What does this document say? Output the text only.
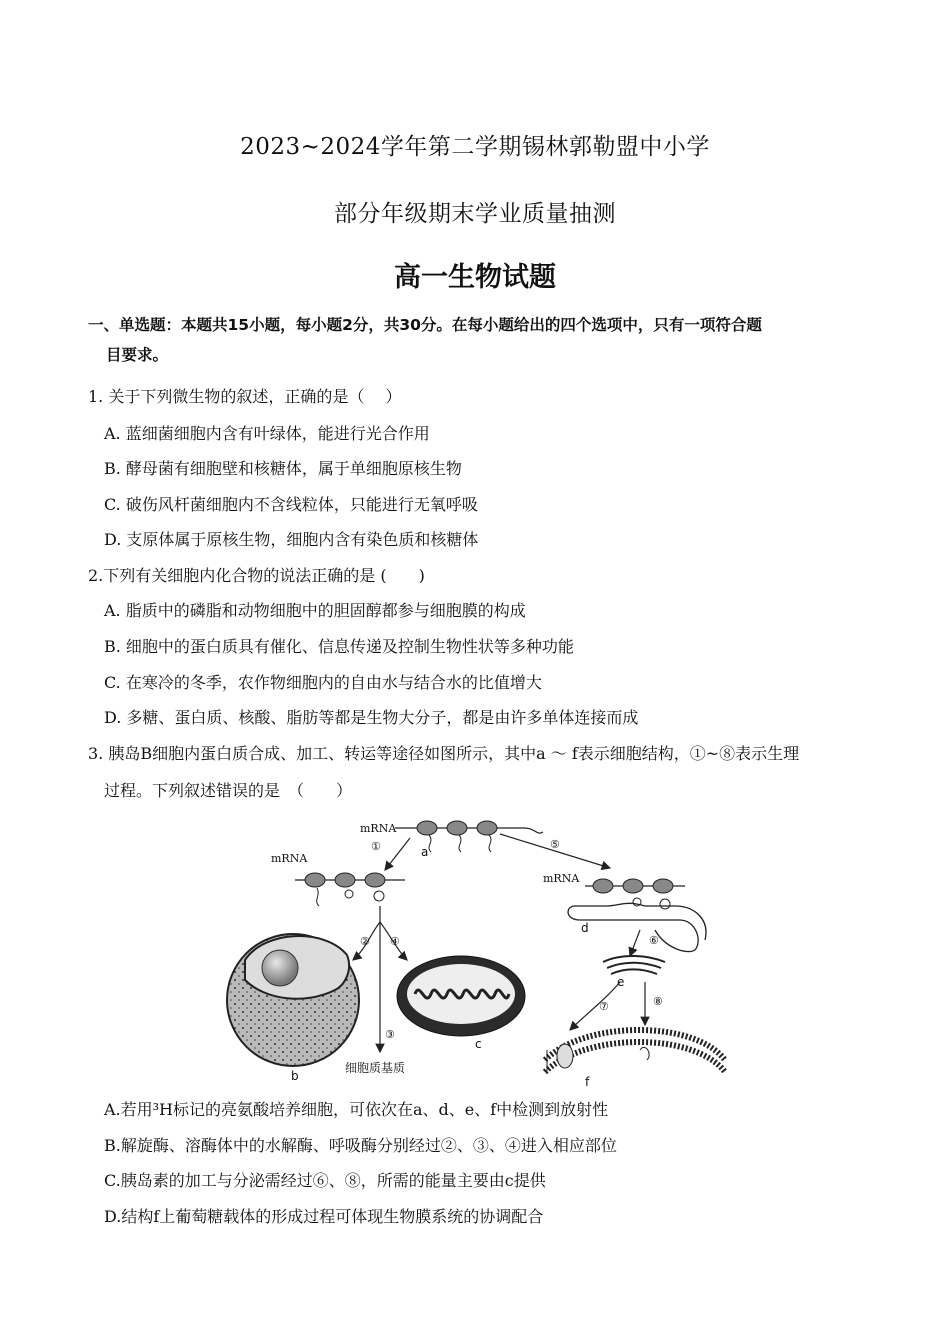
2023~2024学年第二学期锡林郭勒盟中小学
部分年级期末学业质量抽测
高一生物试题
一、单选题：本题共15小题，每小题2分，共30分。在每小题给出的四个选项中，只有一项符合题
目要求。
1. 关于下列微生物的叙述，正确的是（　 ）
A. 蓝细菌细胞内含有叶绿体，能进行光合作用
B. 酵母菌有细胞壁和核糖体，属于单细胞原核生物
C. 破伤风杆菌细胞内不含线粒体，只能进行无氧呼吸
D. 支原体属于原核生物，细胞内含有染色质和核糖体
2.下列有关细胞内化合物的说法正确的是 (　　)
A. 脂质中的磷脂和动物细胞中的胆固醇都参与细胞膜的构成
B. 细胞中的蛋白质具有催化、信息传递及控制生物性状等多种功能
C. 在寒冷的冬季，农作物细胞内的自由水与结合水的比值增大
D. 多糖、蛋白质、核酸、脂肪等都是生物大分子，都是由许多单体连接而成
3. 胰岛B细胞内蛋白质合成、加工、转运等途径如图所示，其中a ～ f表示细胞结构，①~⑧表示生理
过程。下列叙述错误的是　（　　）
mRNA
a
①	⑤
mRNA
② ④
③
细胞质基质
b
c
mRNA
d
⑥
e
⑦	⑧
f
A.若用³H标记的亮氨酸培养细胞，可依次在a、d、e、f中检测到放射性
B.解旋酶、溶酶体中的水解酶、呼吸酶分别经过②、③、④进入相应部位
C.胰岛素的加工与分泌需经过⑥、⑧，所需的能量主要由c提供
D.结构f上葡萄糖载体的形成过程可体现生物膜系统的协调配合
